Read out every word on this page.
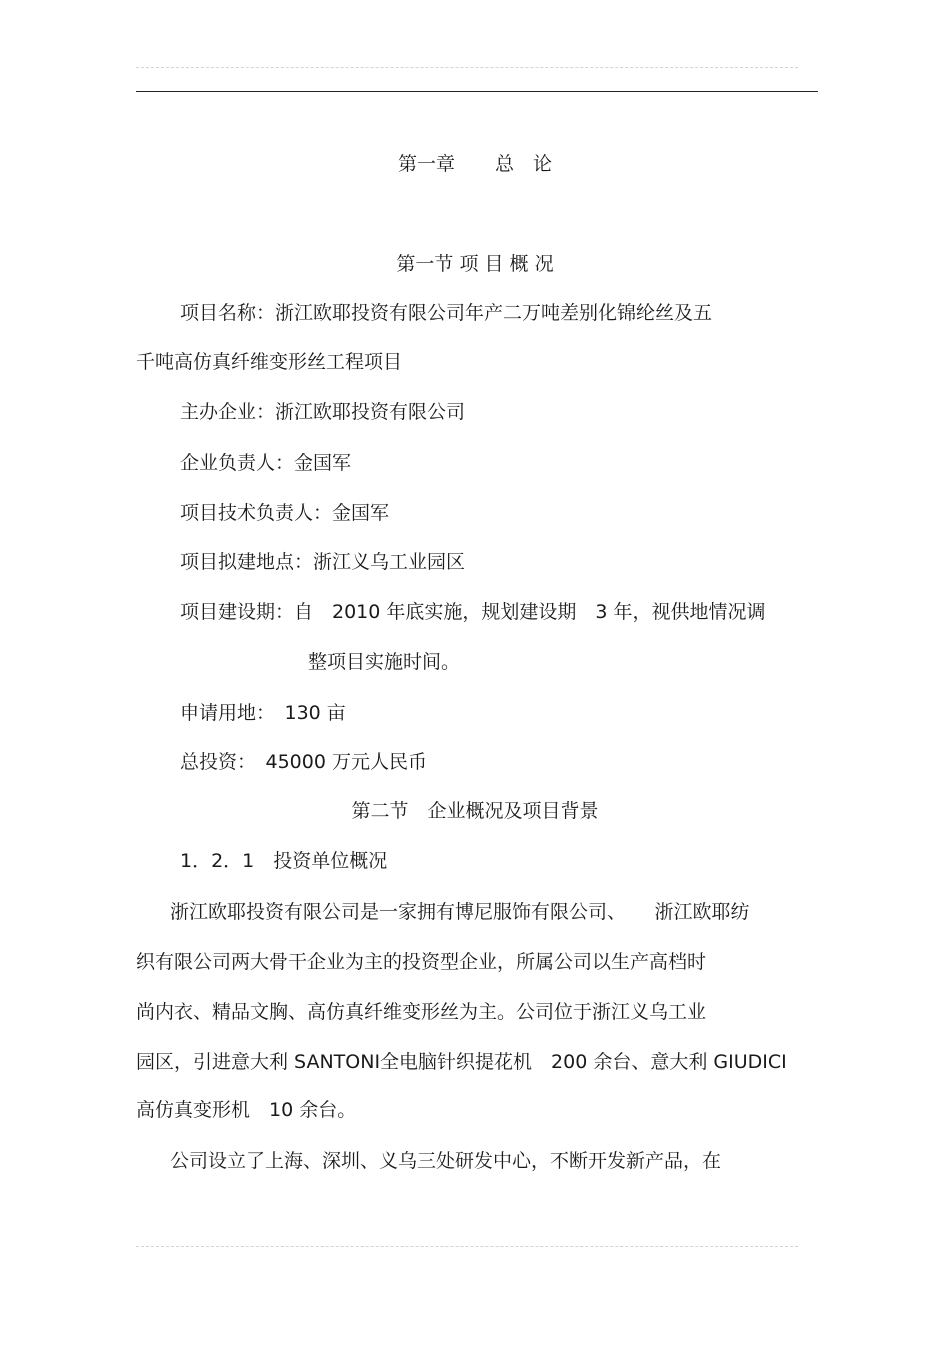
第一章 总　论
第一节 项 目 概 况
项目名称：浙江欧耶投资有限公司年产二万吨差别化锦纶丝及五
千吨高仿真纤维变形丝工程项目
主办企业：浙江欧耶投资有限公司
企业负责人：金国军
项目技术负责人：金国军
项目拟建地点：浙江义乌工业园区
项目建设期：自　2010 年底实施，规划建设期　3 年，视供地情况调
整项目实施时间。
申请用地：　130 亩
总投资：　45000 万元人民币
第二节　企业概况及项目背景
1．2．1　投资单位概况
浙江欧耶投资有限公司是一家拥有博尼服饰有限公司、　　浙江欧耶纺
织有限公司两大骨干企业为主的投资型企业，所属公司以生产高档时
尚内衣、精品文胸、高仿真纤维变形丝为主。公司位于浙江义乌工业
园区，引进意大利 SANTONI全电脑针织提花机　200 余台、意大利 GIUDICI
高仿真变形机　10 余台。
公司设立了上海、深圳、义乌三处研发中心，不断开发新产品，在
